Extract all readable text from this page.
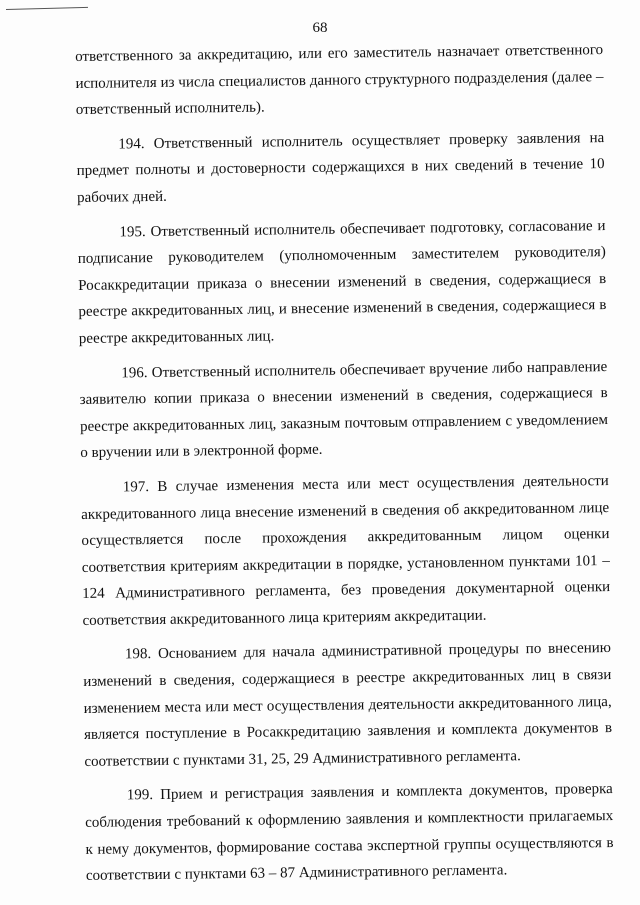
68

ответственного за аккредитацию, или его заместитель назначает ответственного исполнителя из числа специалистов данного структурного подразделения (далее – ответственный исполнитель).

194. Ответственный исполнитель осуществляет проверку заявления на предмет полноты и достоверности содержащихся в них сведений в течение 10 рабочих дней.

195. Ответственный исполнитель обеспечивает подготовку, согласование и подписание руководителем (уполномоченным заместителем руководителя) Росаккредитации приказа о внесении изменений в сведения, содержащиеся в реестре аккредитованных лиц, и внесение изменений в сведения, содержащиеся в реестре аккредитованных лиц.

196. Ответственный исполнитель обеспечивает вручение либо направление заявителю копии приказа о внесении изменений в сведения, содержащиеся в реестре аккредитованных лиц, заказным почтовым отправлением с уведомлением о вручении или в электронной форме.

197. В случае изменения места или мест осуществления деятельности аккредитованного лица внесение изменений в сведения об аккредитованном лице осуществляется после прохождения аккредитованным лицом оценки соответствия критериям аккредитации в порядке, установленном пунктами 101 – 124 Административного регламента, без проведения документарной оценки соответствия аккредитованного лица критериям аккредитации.

198. Основанием для начала административной процедуры по внесению изменений в сведения, содержащиеся в реестре аккредитованных лиц в связи изменением места или мест осуществления деятельности аккредитованного лица, является поступление в Росаккредитацию заявления и комплекта документов в соответствии с пунктами 31, 25, 29 Административного регламента.

199. Прием и регистрация заявления и комплекта документов, проверка соблюдения требований к оформлению заявления и комплектности прилагаемых к нему документов, формирование состава экспертной группы осуществляются в соответствии с пунктами 63 – 87 Административного регламента.
